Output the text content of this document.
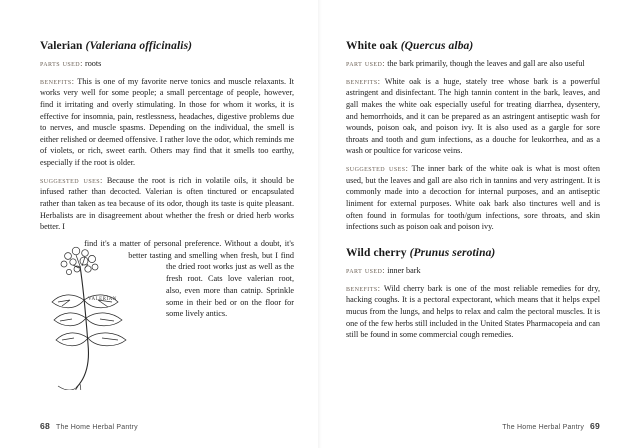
Valerian (Valeriana officinalis)

parts used: roots

benefits: This is one of my favorite nerve tonics and muscle relaxants. It works very well for some people; a small percentage of people, however, find it irritating and overly stimulating. In those for whom it works, it is effective for insomnia, pain, restlessness, headaches, digestive problems due to nerves, and muscle spasms. Depending on the individual, the smell is either relished or deemed offensive. I rather love the odor, which reminds me of violets, or rich, sweet earth. Others may find that it smells too earthy, especially if the root is older.

suggested uses: Because the root is rich in volatile oils, it should be infused rather than decocted. Valerian is often tinctured or encapsulated rather than taken as tea because of its odor, though its taste is quite pleasant. Herbalists are in disagreement about whether the fresh or dried herb works better. I

find it's a matter of personal preference. Without a doubt, it's better tasting and smelling when fresh, but I find the dried root works just as well as the fresh root. Cats love valerian root, also, even more than catnip. Sprinkle some in their bed or on the floor for some lively antics.

valerian
68 The Home Herbal Pantry
White oak (Quercus alba)

part used: the bark primarily, though the leaves and gall are also useful

benefits: White oak is a huge, stately tree whose bark is a powerful astringent and disinfectant. The high tannin content in the bark, leaves, and gall makes the white oak especially useful for treating diarrhea, dysentery, and hemorrhoids, and it can be prepared as an astringent antiseptic wash for wounds, poison oak, and poison ivy. It is also used as a gargle for sore throats and tooth and gum infections, as a douche for leukorrhea, and as a wash or poultice for varicose veins.

suggested uses: The inner bark of the white oak is what is most often used, but the leaves and gall are also rich in tannins and very astringent. It is commonly made into a decoction for internal purposes, and an antiseptic liniment for external purposes. White oak bark also tinctures well and is often found in formulas for tooth/gum infections, sore throats, and skin infections such as poison oak and poison ivy.

Wild cherry (Prunus serotina)

part used: inner bark

benefits: Wild cherry bark is one of the most reliable remedies for dry, hacking coughs. It is a pectoral expectorant, which means that it helps expel mucus from the lungs, and helps to relax and calm the pectoral muscles. It is one of the few herbs still included in the United States Pharmacopeia and can still be found in some commercial cough remedies.

The Home Herbal Pantry 69
